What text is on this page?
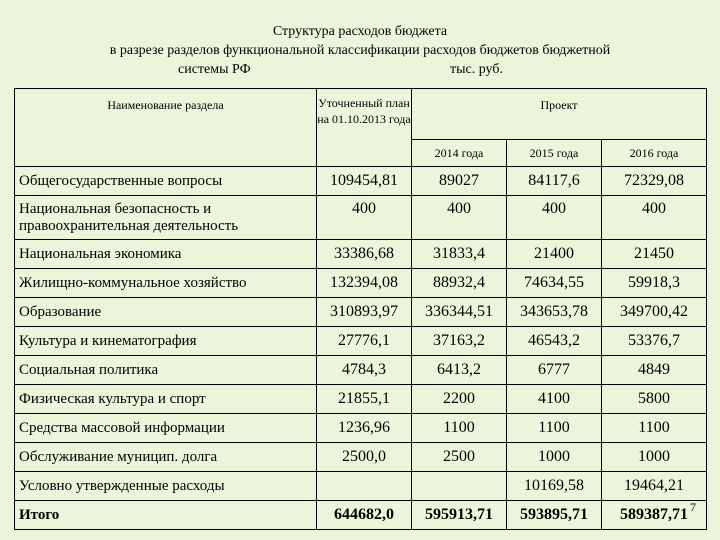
Структура расходов бюджета
в разрезе разделов функциональной классификации расходов бюджетов бюджетной
системы РФ	тыс. руб.
Наименование раздела	Уточненный план на 01.10.2013 года	Проект		
		2014 года	2015 года	2016 года
Общегосударственные вопросы	109454,81	89027	84117,6	72329,08
Национальная безопасность и правоохранительная деятельность	400	400	400	400
Национальная экономика	33386,68	31833,4	21400	21450
Жилищно-коммунальное хозяйство	132394,08	88932,4	74634,55	59918,3
Образование	310893,97	336344,51	343653,78	349700,42
Культура и кинематография	27776,1	37163,2	46543,2	53376,7
Социальная политика	4784,3	6413,2	6777	4849
Физическая культура и спорт	21855,1	2200	4100	5800
Средства массовой информации	1236,96	1100	1100	1100
Обслуживание муницип. долга	2500,0	2500	1000	1000
Условно утвержденные расходы			10169,58	19464,21
Итого	644682,0	595913,71	593895,71	589387,71 7
